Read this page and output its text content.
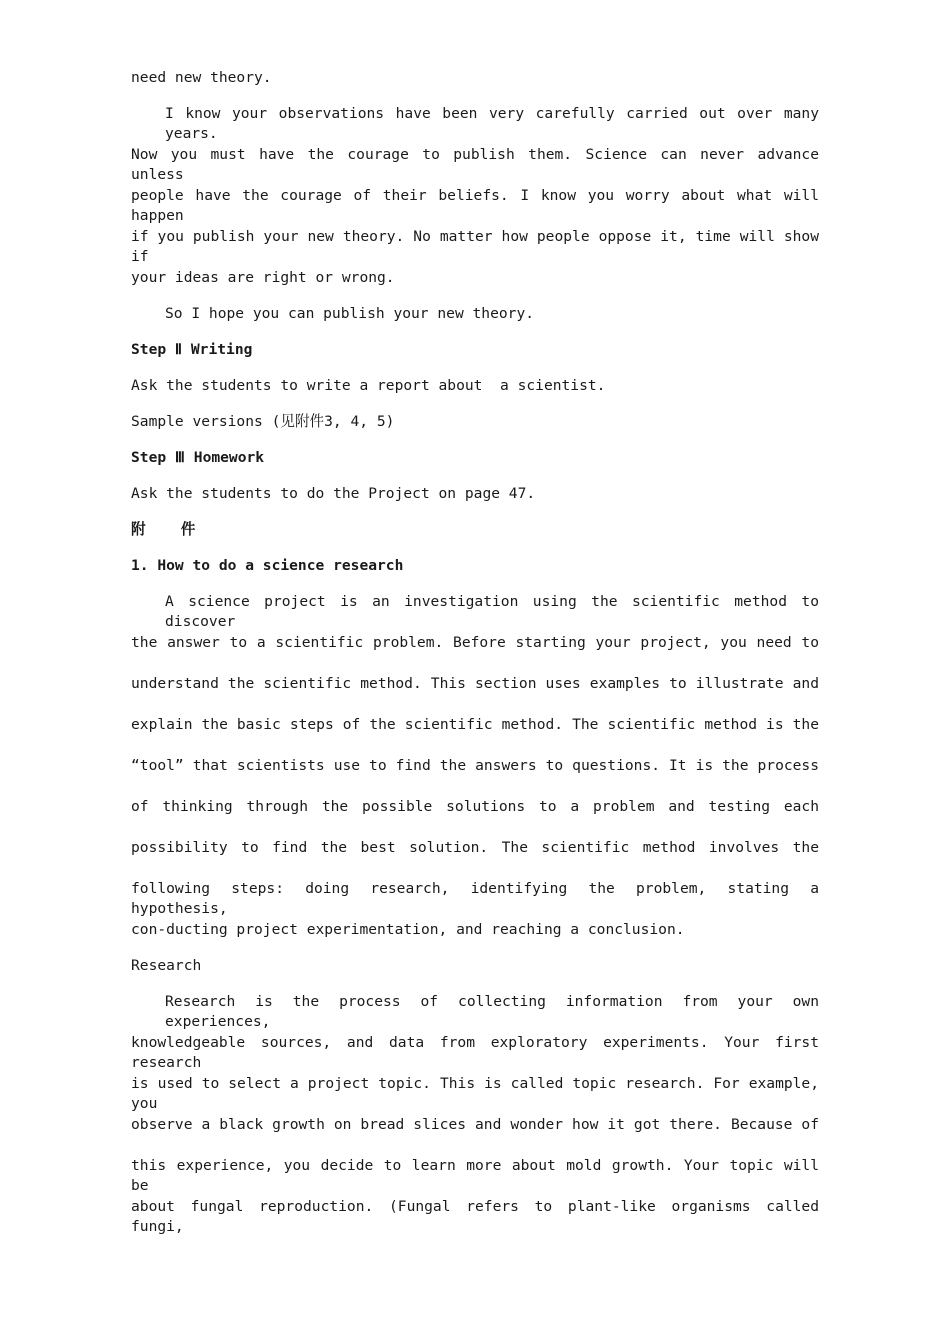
need new theory.
I know your observations have been very carefully carried out over many years.
Now you must have the courage to publish them. Science can never advance unless
people have the courage of their beliefs. I know you worry about what will happen
if you publish your new theory. No matter how people oppose it, time will show if
your ideas are right or wrong.
So I hope you can publish your new theory.
Step Ⅱ Writing
Ask the students to write a report about  a scientist.
Sample versions (见附件3, 4, 5)
Step Ⅲ Homework
Ask the students to do the Project on page 47.
附    件
1. How to do a science research
A science project is an investigation using the scientific method to discover
the answer to a scientific problem. Before starting your project, you need to
understand the scientific method. This section uses examples to illustrate and
explain the basic steps of the scientific method. The scientific method is the
“tool” that scientists use to find the answers to questions. It is the process
of thinking through the possible solutions to a problem and testing each
possibility to find the best solution. The scientific method involves the
following steps: doing research, identifying the problem, stating a hypothesis,
con-ducting project experimentation, and reaching a conclusion.
Research
Research is the process of collecting information from your own experiences,
knowledgeable sources, and data from exploratory experiments. Your first research
is used to select a project topic. This is called topic research. For example, you
observe a black growth on bread slices and wonder how it got there. Because of
this experience, you decide to learn more about mold growth. Your topic will be
about fungal reproduction. (Fungal refers to plant-like organisms called fungi,
